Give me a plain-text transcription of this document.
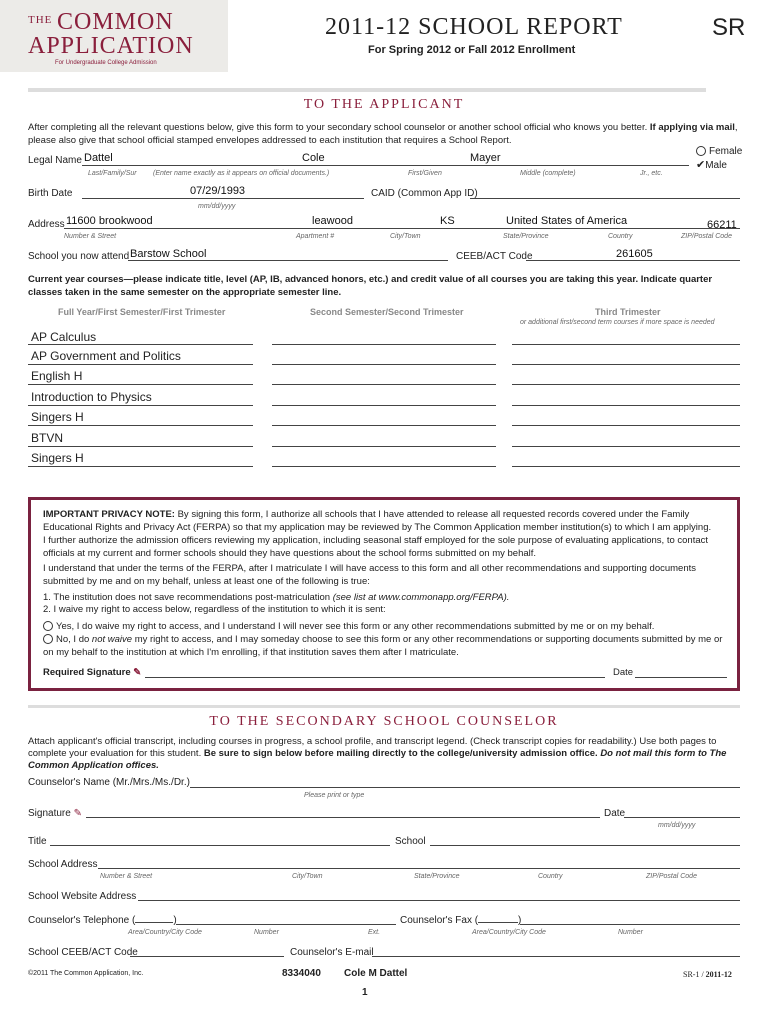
THE COMMON
APPLICATION
For Undergraduate College Admission
2011-12 SCHOOL REPORT
For Spring 2012 or Fall 2012 Enrollment
SR
TO THE APPLICANT
After completing all the relevant questions below, give this form to your secondary school counselor or another school official who knows you better. If applying via mail, please also give that school official stamped envelopes addressed to each institution that requires a School Report.
Legal Name Dattel	Cole	Mayer
Female
✔Male
Last/Family/Sur (Enter name exactly as it appears on official documents.)	First/Given	Middle (complete)	Jr., etc.
Birth Date	07/29/1993
mm/dd/yyyy
CAID (Common App ID)
Address 11600 brookwood	leawood	KS	United States of America	66211
Number & Street	Apartment #	City/Town	State/Province	Country	ZIP/Postal Code
School you now attend Barstow School	CEEB/ACT Code	261605
Current year courses—please indicate title, level (AP, IB, advanced honors, etc.) and credit value of all courses you are taking this year. Indicate quarter classes taken in the same semester on the appropriate semester line.
Full Year/First Semester/First Trimester	Second Semester/Second Trimester	Third Trimester
or additional first/second term courses if more space is needed
AP Calculus
AP Government and Politics
English H
Introduction to Physics
Singers H
BTVN
Singers H
IMPORTANT PRIVACY NOTE: By signing this form, I authorize all schools that I have attended to release all requested records covered under the Family Educational Rights and Privacy Act (FERPA) so that my application may be reviewed by The Common Application member institution(s) to which I am applying.
I further authorize the admission officers reviewing my application, including seasonal staff employed for the sole purpose of evaluating applications, to contact officials at my current and former schools should they have questions about the school forms submitted on my behalf.
I understand that under the terms of the FERPA, after I matriculate I will have access to this form and all other recommendations and supporting documents submitted by me and on my behalf, unless at least one of the following is true:
1. The institution does not save recommendations post-matriculation (see list at www.commonapp.org/FERPA).
2. I waive my right to access below, regardless of the institution to which it is sent:
Yes, I do waive my right to access, and I understand I will never see this form or any other recommendations submitted by me or on my behalf.
No, I do not waive my right to access, and I may someday choose to see this form or any other recommendations or supporting documents submitted by me or on my behalf to the institution at which I'm enrolling, if that institution saves them after I matriculate.
Required Signature ✎	Date
TO THE SECONDARY SCHOOL COUNSELOR
Attach applicant's official transcript, including courses in progress, a school profile, and transcript legend. (Check transcript copies for readability.) Use both pages to complete your evaluation for this student. Be sure to sign below before mailing directly to the college/university admission office. Do not mail this form to The Common Application offices.
Counselor's Name (Mr./Mrs./Ms./Dr.)
Please print or type
Signature ✎	Date
mm/dd/yyyy
Title	School
School Address
Number & Street	City/Town	State/Province	Country	ZIP/Postal Code
School Website Address
Counselor's Telephone (	)
Area/Country/City Code	Number	Ext.
Counselor's Fax (	)
Area/Country/City Code	Number
School CEEB/ACT Code	Counselor's E-mail
©2011 The Common Application, Inc.	8334040 Cole M Dattel	SR-1 / 2011-12
1
